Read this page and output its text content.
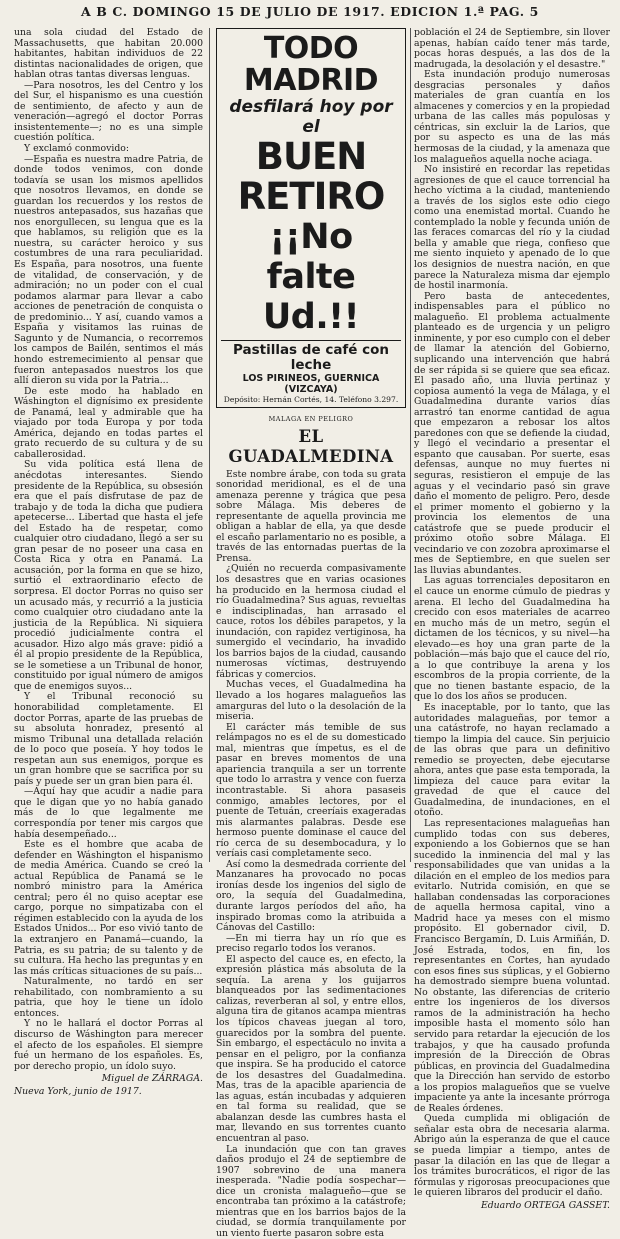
A B C. DOMINGO 15 DE JULIO DE 1917. EDICION 1.ª PAG. 5

una sola ciudad del Estado de Massachusetts, que habitan 20.000 habitantes, habitan individuos de 22 distintas nacionalidades de origen, que hablan otras tantas diversas lenguas.

—Para nosotros, les del Centro y los del Sur, el hispanismo es una cuestión de sentimiento, de afecto y aun de veneración—agregó el doctor Porras insistentemente—; no es una simple cuestión política.

Y exclamó conmovido:

—España es nuestra madre Patria, de donde todos venimos, con donde todavía se usan los mismos apellidos que nosotros llevamos, en donde se guardan los recuerdos y los restos de nuestros antepasados, sus hazañas que nos enorgullecen, su lengua que es la que hablamos, su religión que es la nuestra, su carácter heroico y sus costumbres de una rara peculiaridad. Es España, para nosotros, una fuente de vitalidad, de conservación, y de admiración; no un poder con el cual podamos alarmar para llevar a cabo acciones de penetración de conquista o de predominio... Y así, cuando vamos a España y visitamos las ruinas de Sagunto y de Numancia, o recorremos los campos de Bailén, sentimos el más hondo estremecimiento al pensar que fueron antepasados nuestros los que allí dieron su vida por la Patria...

De este modo ha hablado en Wáshington el dignísimo ex presidente de Panamá, leal y admirable que ha viajado por toda Europa y por toda América, dejando en todas partes el grato recuerdo de su cultura y de su caballerosidad.

Su vida política está llena de anécdotas interesantes. Siendo presidente de la República, su obsesión era que el país disfrutase de paz de trabajo y de toda la dicha que pudiera apetecerse... Libertad que hasta el jefe del Estado ha de respetar, como cualquier otro ciudadano, llegó a ser su gran pesar de no poseer una casa en Costa Rica y otra en Panamá. La acusación, por la forma en que se hizo, surtió el extraordinario efecto de sorpresa. El doctor Porras no quiso ser un acusado más, y recurrió a la justicia como cualquier otro ciudadano ante la justicia de la República. Ni siquiera procedió judicialmente contra el acusador. Hizo algo más grave: pidió a él al propio presidente de la República, se le sometiese a un Tribunal de honor, constituido por igual número de amigos que de enemigos suyos...

Y el Tribunal reconoció su honorabilidad completamente. El doctor Porras, aparte de las pruebas de su absoluta honradez, presentó al mismo Tribunal una detallada relación de lo poco que poseía. Y hoy todos le respetan aun sus enemigos, porque es un gran hombre que se sacrifica por su país y puede ser un gran bien para él.

—Aquí hay que acudir a nadie para que le digan que yo no había ganado más de lo que legalmente me correspondía por tener mis cargos que había desempeñado...

Este es el hombre que acaba de defender en Wáshington el hispanismo de media América. Cuando se creó la actual República de Panamá se le nombró ministro para la América central; pero él no quiso aceptar ese cargo, porque no simpatizaba con el régimen establecido con la ayuda de los Estados Unidos... Por eso vivió tanto de la extranjero en Panamá—cuando, la Patria, es su patria; de su talento y de su cultura. Ha hecho las preguntas y en las más críticas situaciones de su país...

Naturalmente, no tardó en ser rehabilitado, con nombramiento a su patria, que hoy le tiene un ídolo entonces.

Y no le hallará el doctor Porras al discurso de Wáshington para merecer el afecto de los españoles. El siempre fué un hermano de los españoles. Es, por derecho propio, un ídolo suyo.

Miguel de ZÁRRAGA.
Nueva York, junio de 1917.
TODO MADRID
desfilará hoy por el
BUEN RETIRO
¡¡No falte Ud.!!
Pastillas de café con leche
LOS PIRINEOS, GUERNICA (VIZCAYA)
Depósito: Hernán Cortés, 14. Teléfono 3.297.
MALAGA EN PELIGRO
EL GUADALMEDINA

Este nombre árabe, con toda su grata sonoridad meridional, es el de una amenaza perenne y trágica que pesa sobre Málaga. Mis deberes de representante de aquella provincia me obligan a hablar de ella, ya que desde el escaño parlamentario no es posible, a través de las entornadas puertas de la Prensa.

¿Quién no recuerda compasivamente los desastres que en varias ocasiones ha producido en la hermosa ciudad el río Guadalmedina? Sus aguas, revueltas e indisciplinadas, han arrasado el cauce, rotos los débiles parapetos, y la inundación, con rapidez vertiginosa, ha sumergido el vecindario, ha invadido los barrios bajos de la ciudad, causando numerosas víctimas, destruyendo fábricas y comercios.

Muchas veces, el Guadalmedina ha llevado a los hogares malagueños las amarguras del luto o la desolación de la miseria.

El carácter más temible de sus relámpagos no es el de su domesticado mal, mientras que ímpetus, es el de pasar en breves momentos de una apariencia tranquila a ser un torrente que todo lo arrastra y vence con fuerza incontrastable. Si ahora pasaseis conmigo, amables lectores, por el puente de Tetuán, creeríais exageradas mis alarmantes palabras. Desde ese hermoso puente dominase el cauce del río cerca de su desembocadura, y lo veríais casi completamente seco.

Así como la desmedrada corriente del Manzanares ha provocado no pocas ironías desde los ingenios del siglo de oro, la sequía del Guadalmedina, durante largos períodos del año, ha inspirado bromas como la atribuida a Cánovas del Castillo:

—En mi tierra hay un río que es preciso regarlo todos los veranos.

El aspecto del cauce es, en efecto, la expresión plástica más absoluta de la sequía. La arena y los guijarros blanqueados por las sedimentaciones calizas, reverberan al sol, y entre ellos, alguna tira de gitanos acampa mientras los típicos chaveas juegan al toro, guarecidos por la sombra del puente. Sin embargo, el espectáculo no invita a pensar en el peligro, por la confianza que inspira. Se ha producido el catorce de los desastres del Guadalmedina. Mas, tras de la apacible apariencia de las aguas, están incubadas y adquieren en tal forma su realidad, que se abalanzan desde las cumbres hasta el mar, llevando en sus torrentes cuanto encuentran al paso.

La inundación que con tan graves daños produjo el 24 de septiembre de 1907 sobrevino de una manera inesperada. "Nadie podía sospechar—dice un cronista malagueño—que se encontraba tan próximo a la catástrofe; mientras que en los barrios bajos de la ciudad, se dormía tranquilamente por un viento fuerte pasaron sobre esta

población el 24 de Septiembre, sin llover apenas, habían caído tener más tarde, pocas horas después, a las dos de la madrugada, la desolación y el desastre."

Esta inundación produjo numerosas desgracias personales y daños materiales de gran cuantía en los almacenes y comercios y en la propiedad urbana de las calles más populosas y céntricas, sin excluir la de Larios, que por su aspecto es una de las más hermosas de la ciudad, y la amenaza que los malagueños aquella noche aciaga.

No insistiré en recordar las repetidas agresiones de que el cauce torrencial ha hecho víctima a la ciudad, manteniendo a través de los siglos este odio ciego como una enemistad mortal. Cuando he contemplado la noble y fecunda unión de las feraces comarcas del río y la ciudad bella y amable que riega, confieso que me siento inquieto y apenado de lo que los designios de nuestra nación, en que parece la Naturaleza misma dar ejemplo de hostil inarmonía.

Pero basta de antecedentes, indispensables para el público no malagueño. El problema actualmente planteado es de urgencia y un peligro inminente, y por eso cumplo con el deber de llamar la atención del Gobierno, suplicando una intervención que habrá de ser rápida si se quiere que sea eficaz. El pasado año, una lluvia pertinaz y copiosa aumentó la vega de Málaga, y el Guadalmedina durante varios días arrastró tan enorme cantidad de agua que empezaron a rebosar los altos paredones con que se defiende la ciudad, y llegó el vecindario a presentar el espanto que causaban. Por suerte, esas defensas, aunque no muy fuertes ni seguras, resistieron el empuje de las aguas y el vecindario pasó sin grave daño el momento de peligro. Pero, desde el primer momento el gobierno y la provincia los elementos de una catástrofe que se puede producir el próximo otoño sobre Málaga. El vecindario ve con zozobra aproximarse el mes de Septiembre, en que suelen ser las lluvias abundantes.

Las aguas torrenciales depositaron en el cauce un enorme cúmulo de piedras y arena. El lecho del Guadalmedina ha crecido con esos materiales de acarreo en mucho más de un metro, según el dictamen de los técnicos, y su nivel—ha elevado—es hoy una gran parte de la población—más bajo que el cauce del río, a lo que contribuye la arena y los escombros de la propia corriente, de la que no tienen bastante espacio, de la que lo dos los años se producen.

Es inaceptable, por lo tanto, que las autoridades malagueñas, por temor a una catástrofe, no hayan reclamado a tiempo la limpia del cauce. Sin perjuicio de las obras que para un definitivo remedio se proyecten, debe ejecutarse ahora, antes que pase esta temporada, la limpieza del cauce para evitar la gravedad de que el cauce del Guadalmedina, de inundaciones, en el otoño.

Las representaciones malagueñas han cumplido todas con sus deberes, exponiendo a los Gobiernos que se han sucedido la inminencia del mal y las responsabilidades que van unidas a la dilación en el empleo de los medios para evitarlo. Nutrida comisión, en que se hallaban condensadas las corporaciones de aquella hermosa capital, vino a Madrid hace ya meses con el mismo propósito. El gobernador civil, D. Francisco Bergamín, D. Luis Armiñán, D. José Estrada, todos, en fin, los representantes en Cortes, han ayudado con esos fines sus súplicas, y el Gobierno ha demostrado siempre buena voluntad. No obstante, las diferencias de criterio entre los ingenieros de los diversos ramos de la administración ha hecho imposible hasta el momento sólo han servido para retardar la ejecución de los trabajos, y que ha causado profunda impresión de la Dirección de Obras públicas, en provincia del Guadalmedina que la Dirección han servido de estorbo a los propios malagueños que se vuelve impaciente ya ante la incesante prórroga de Reales órdenes.

Queda cumplida mi obligación de señalar esta obra de necesaria alarma. Abrigo aún la esperanza de que el cauce se pueda limpiar a tiempo, antes de pasar la dilación en las que de llegar a los trámites burocráticos, el rigor de las fórmulas y rigorosas preocupaciones que le quieren libraros del producir el daño.

Eduardo ORTEGA GASSET.
